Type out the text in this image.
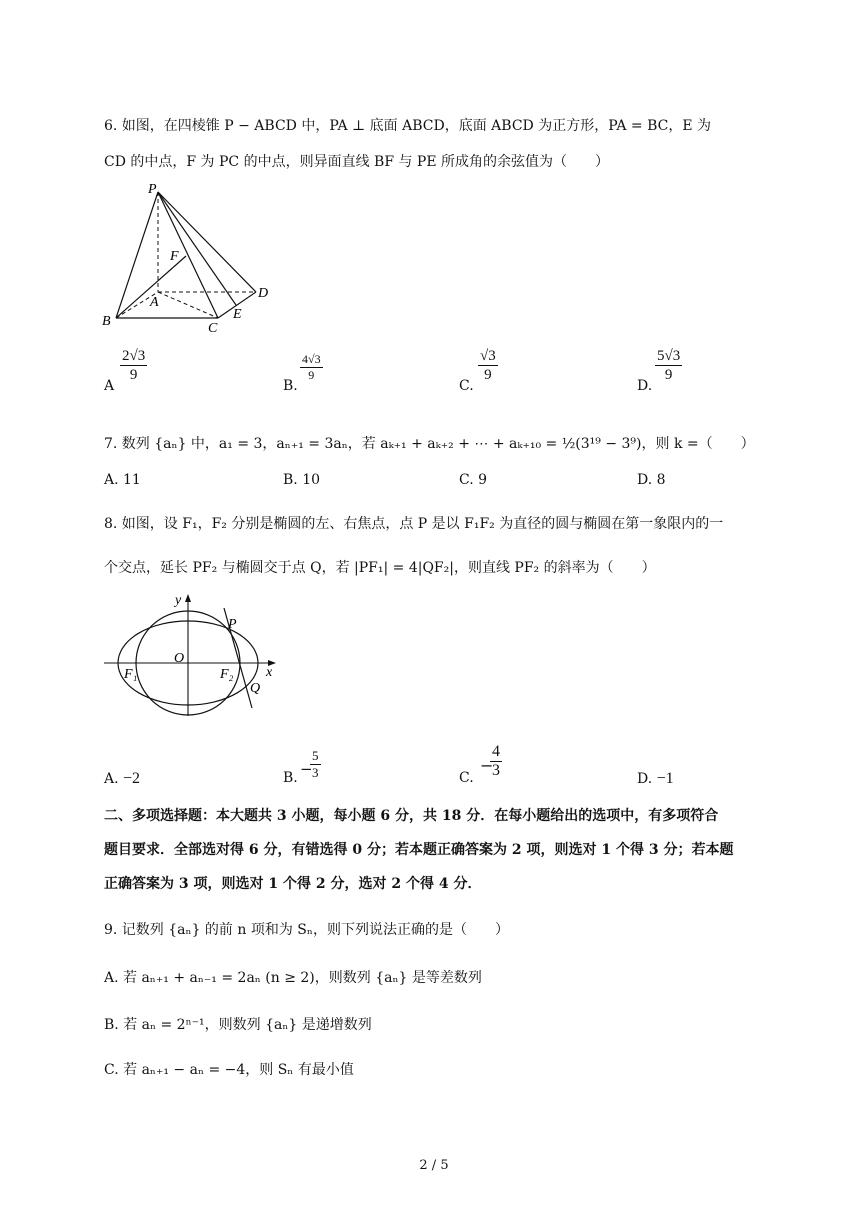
6. 如图，在四棱锥 P − ABCD 中，PA ⊥ 底面 ABCD，底面 ABCD 为正方形，PA = BC，E 为
CD 的中点，F 为 PC 的中点，则异面直线 BF 与 PE 所成角的余弦值为（　　）
P
F
A
B	C
D
E
A
$\frac{2√3}{9}$
B.
$\frac{4√3}{9}$
C.
$\frac{√3}{9}$
D.
$\frac{5√3}{9}$
7. 数列 {aₙ} 中，a₁ = 3，aₙ₊₁ = 3aₙ，若 aₖ₊₁ + aₖ₊₂ + ⋯ + aₖ₊₁₀ = ½(3¹⁹ − 3⁹)，则 k =（　　）
A. 11	B. 10	C. 9	D. 8
8. 如图，设 F₁，F₂ 分别是椭圆的左、右焦点，点 P 是以 F₁F₂ 为直径的圆与椭圆在第一象限内的一
个交点，延长 PF₂ 与椭圆交于点 Q，若 |PF₁| = 4|QF₂|，则直线 PF₂ 的斜率为（　　）
y
x
O
P
Q
F₁	F₂
A. −2	B. −
$\frac{5}{3}$	C.
−
$\frac{4}{3}$	D. −1
二、多项选择题：本大题共 3 小题，每小题 6 分，共 18 分．在每小题给出的选项中，有多项符合
题目要求．全部选对得 6 分，有错选得 0 分；若本题正确答案为 2 项，则选对 1 个得 3 分；若本题
正确答案为 3 项，则选对 1 个得 2 分，选对 2 个得 4 分．
9. 记数列 {aₙ} 的前 n 项和为 Sₙ，则下列说法正确的是（　　）
A. 若 aₙ₊₁ + aₙ₋₁ = 2aₙ (n ≥ 2)，则数列 {aₙ} 是等差数列
B. 若 aₙ = 2ⁿ⁻¹，则数列 {aₙ} 是递增数列
C. 若 aₙ₊₁ − aₙ = −4，则 Sₙ 有最小值
2 / 5
